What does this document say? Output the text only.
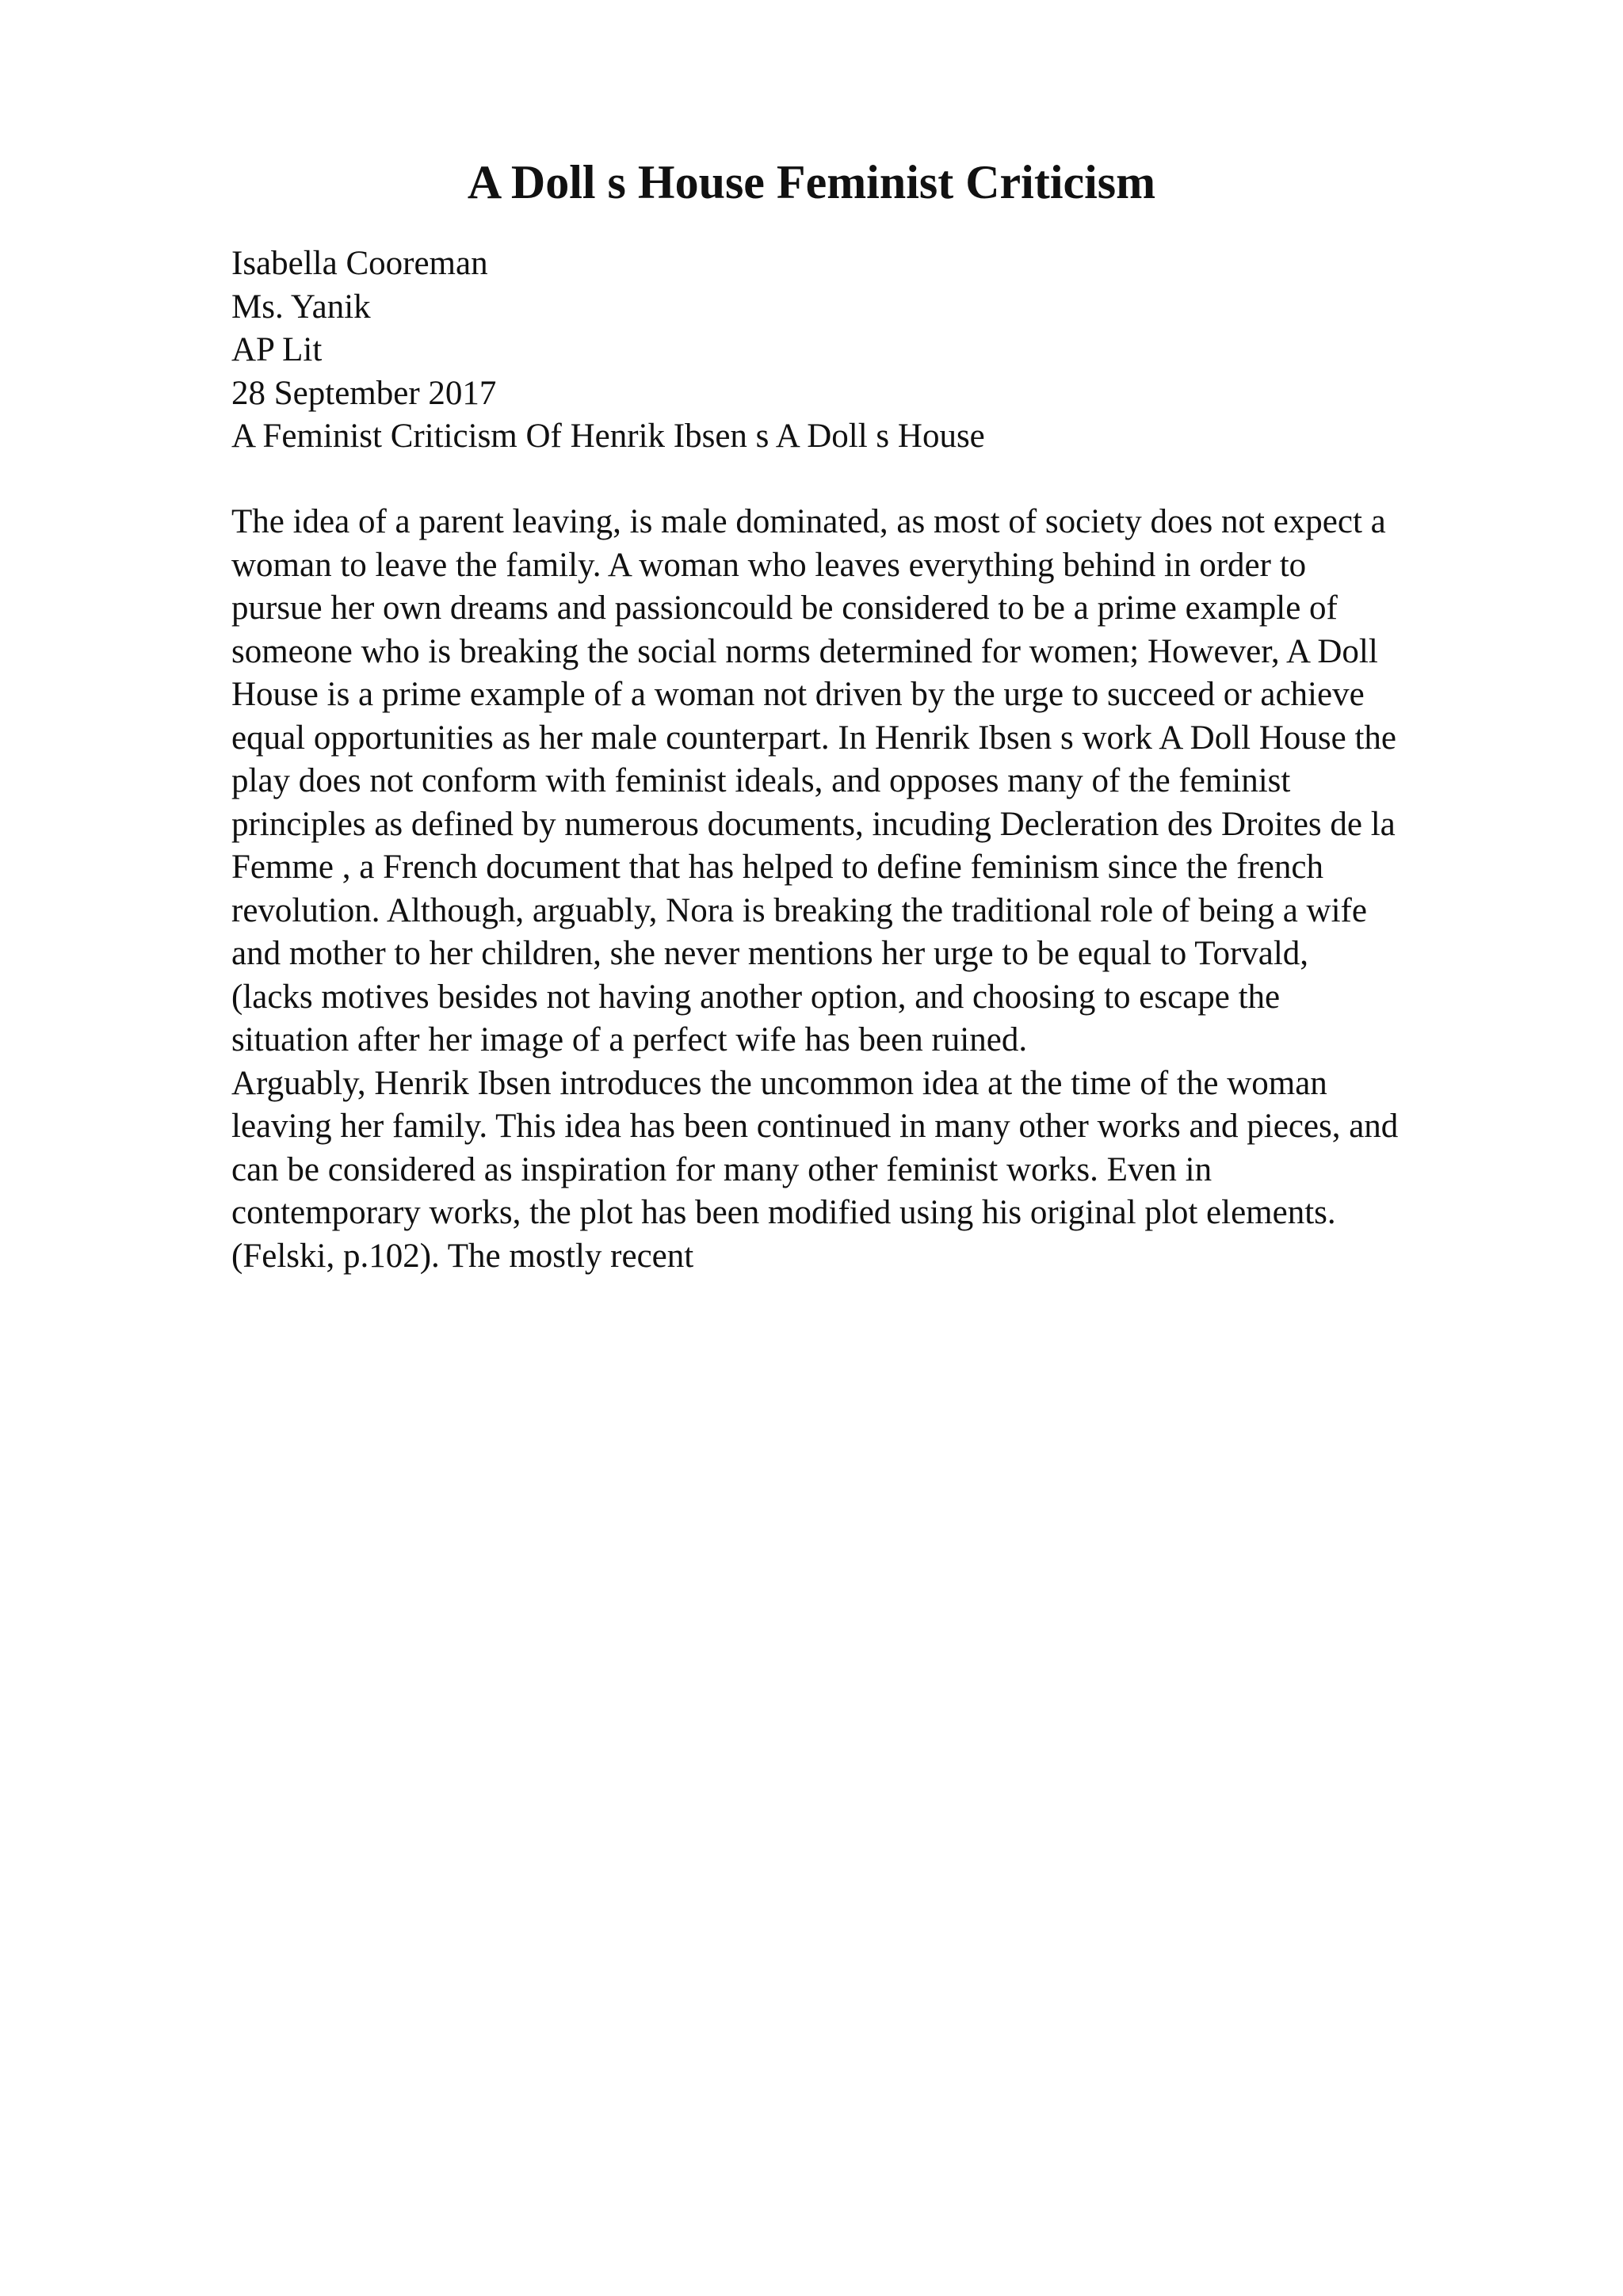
A Doll s House Feminist Criticism
Isabella Cooreman
Ms. Yanik
AP Lit
28 September 2017
A Feminist Criticism Of Henrik Ibsen s A Doll s House
The idea of a parent leaving, is male dominated, as most of society does not expect a
woman to leave the family. A woman who leaves everything behind in order to
pursue her own dreams and passioncould be considered to be a prime example of
someone who is breaking the social norms determined for women; However, A Doll
House is a prime example of a woman not driven by the urge to succeed or achieve
equal opportunities as her male counterpart. In Henrik Ibsen s work A Doll House the
play does not conform with feminist ideals, and opposes many of the feminist
principles as defined by numerous documents, incuding Decleration des Droites de la
Femme , a French document that has helped to define feminism since the french
revolution. Although, arguably, Nora is breaking the traditional role of being a wife
and mother to her children, she never mentions her urge to be equal to Torvald,
(lacks motives besides not having another option, and choosing to escape the
situation after her image of a perfect wife has been ruined.
Arguably, Henrik Ibsen introduces the uncommon idea at the time of the woman
leaving her family. This idea has been continued in many other works and pieces, and
can be considered as inspiration for many other feminist works. Even in
contemporary works, the plot has been modified using his original plot elements.
(Felski, p.102). The mostly recent
